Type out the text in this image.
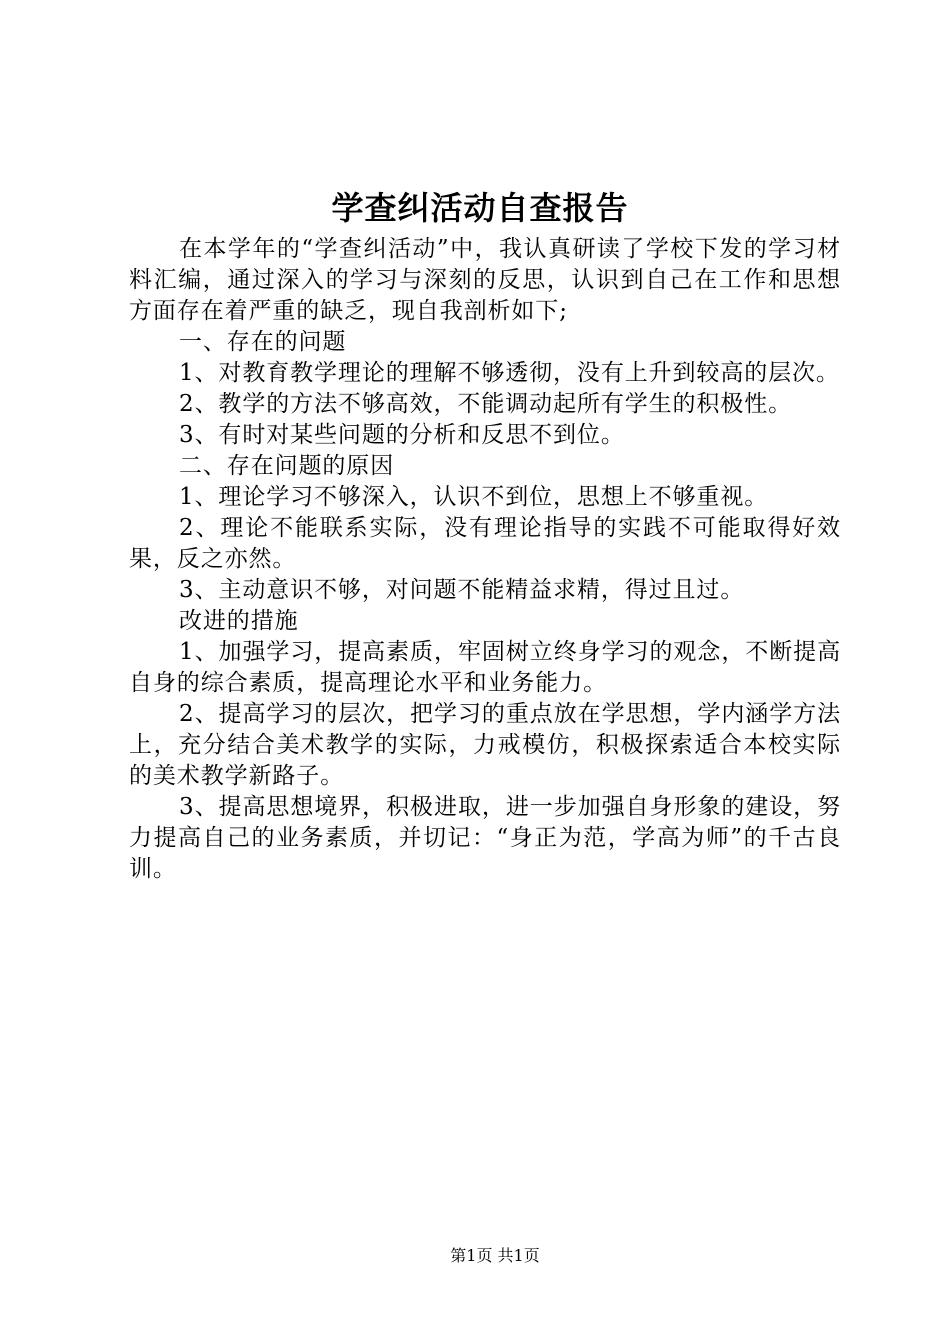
学查纠活动自查报告

在本学年的“学查纠活动”中，我认真研读了学校下发的学习材料汇编，通过深入的学习与深刻的反思，认识到自己在工作和思想方面存在着严重的缺乏，现自我剖析如下;

一、存在的问题

1、对教育教学理论的理解不够透彻，没有上升到较高的层次。

2、教学的方法不够高效，不能调动起所有学生的积极性。

3、有时对某些问题的分析和反思不到位。

二、存在问题的原因

1、理论学习不够深入，认识不到位，思想上不够重视。

2、理论不能联系实际，没有理论指导的实践不可能取得好效果，反之亦然。

3、主动意识不够，对问题不能精益求精，得过且过。

改进的措施

1、加强学习，提高素质，牢固树立终身学习的观念，不断提高自身的综合素质，提高理论水平和业务能力。

2、提高学习的层次，把学习的重点放在学思想，学内涵学方法上，充分结合美术教学的实际，力戒模仿，积极探索适合本校实际的美术教学新路子。

3、提高思想境界，积极进取，进一步加强自身形象的建设，努力提高自己的业务素质，并切记：“身正为范，学高为师”的千古良训。

第1页 共1页
